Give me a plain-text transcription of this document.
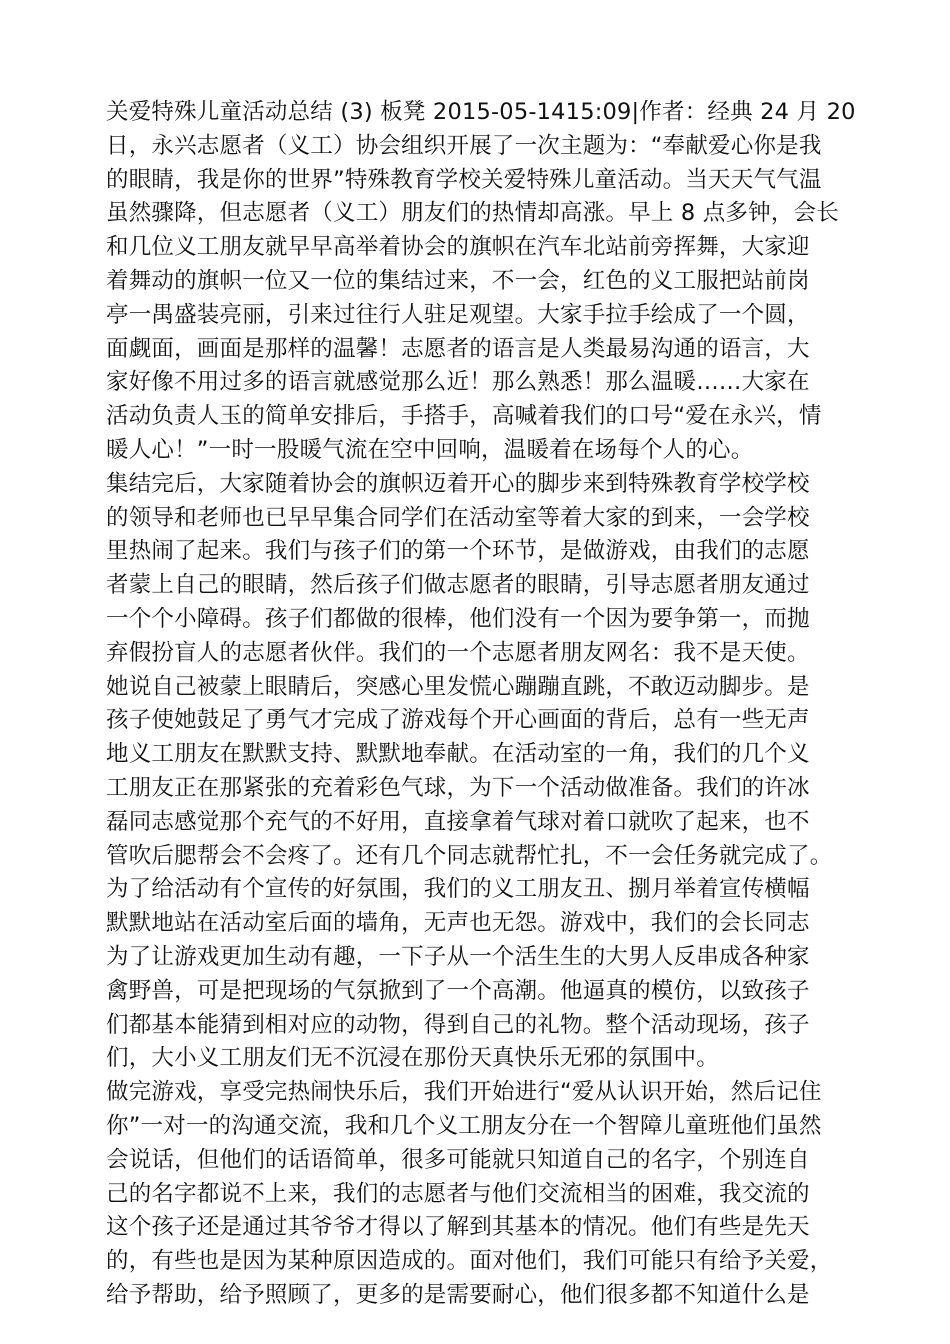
关爱特殊儿童活动总结 (3) 板凳 2015-05-1415:09|作者：经典 24 月 20
日，永兴志愿者（义工）协会组织开展了一次主题为：“奉献爱心你是我
的眼睛，我是你的世界”特殊教育学校关爱特殊儿童活动。当天天气气温
虽然骤降，但志愿者（义工）朋友们的热情却高涨。早上 8 点多钟，会长
和几位义工朋友就早早高举着协会的旗帜在汽车北站前旁挥舞，大家迎
着舞动的旗帜一位又一位的集结过来，不一会，红色的义工服把站前岗
亭一禺盛装亮丽，引来过往行人驻足观望。大家手拉手绘成了一个圆，
面觑面，画面是那样的温馨！志愿者的语言是人类最易沟通的语言，大
家好像不用过多的语言就感觉那么近！那么熟悉！那么温暖……大家在
活动负责人玉的简单安排后，手搭手，高喊着我们的口号“爱在永兴，情
暖人心！”一时一股暖气流在空中回响，温暖着在场每个人的心。
集结完后，大家随着协会的旗帜迈着开心的脚步来到特殊教育学校学校
的领导和老师也已早早集合同学们在活动室等着大家的到来，一会学校
里热闹了起来。我们与孩子们的第一个环节，是做游戏，由我们的志愿
者蒙上自己的眼睛，然后孩子们做志愿者的眼睛，引导志愿者朋友通过
一个个小障碍。孩子们都做的很棒，他们没有一个因为要争第一，而抛
弃假扮盲人的志愿者伙伴。我们的一个志愿者朋友网名：我不是天使。
她说自己被蒙上眼睛后，突感心里发慌心蹦蹦直跳，不敢迈动脚步。是
孩子使她鼓足了勇气才完成了游戏每个开心画面的背后，总有一些无声
地义工朋友在默默支持、默默地奉献。在活动室的一角，我们的几个义
工朋友正在那紧张的充着彩色气球，为下一个活动做准备。我们的许冰
磊同志感觉那个充气的不好用，直接拿着气球对着口就吹了起来，也不
管吹后腮帮会不会疼了。还有几个同志就帮忙扎，不一会任务就完成了。
为了给活动有个宣传的好氛围，我们的义工朋友丑、捌月举着宣传横幅
默默地站在活动室后面的墙角，无声也无怨。游戏中，我们的会长同志
为了让游戏更加生动有趣，一下子从一个活生生的大男人反串成各种家
禽野兽，可是把现场的气氛掀到了一个高潮。他逼真的模仿，以致孩子
们都基本能猜到相对应的动物，得到自己的礼物。整个活动现场，孩子
们，大小义工朋友们无不沉浸在那份天真快乐无邪的氛围中。
做完游戏，享受完热闹快乐后，我们开始进行“爱从认识开始，然后记住
你”一对一的沟通交流，我和几个义工朋友分在一个智障儿童班他们虽然
会说话，但他们的话语简单，很多可能就只知道自己的名字，个别连自
己的名字都说不上来，我们的志愿者与他们交流相当的困难，我交流的
这个孩子还是通过其爷爷才得以了解到其基本的情况。他们有些是先天
的，有些也是因为某种原因造成的。面对他们，我们可能只有给予关爱，
给予帮助，给予照顾了，更多的是需要耐心，他们很多都不知道什么是
